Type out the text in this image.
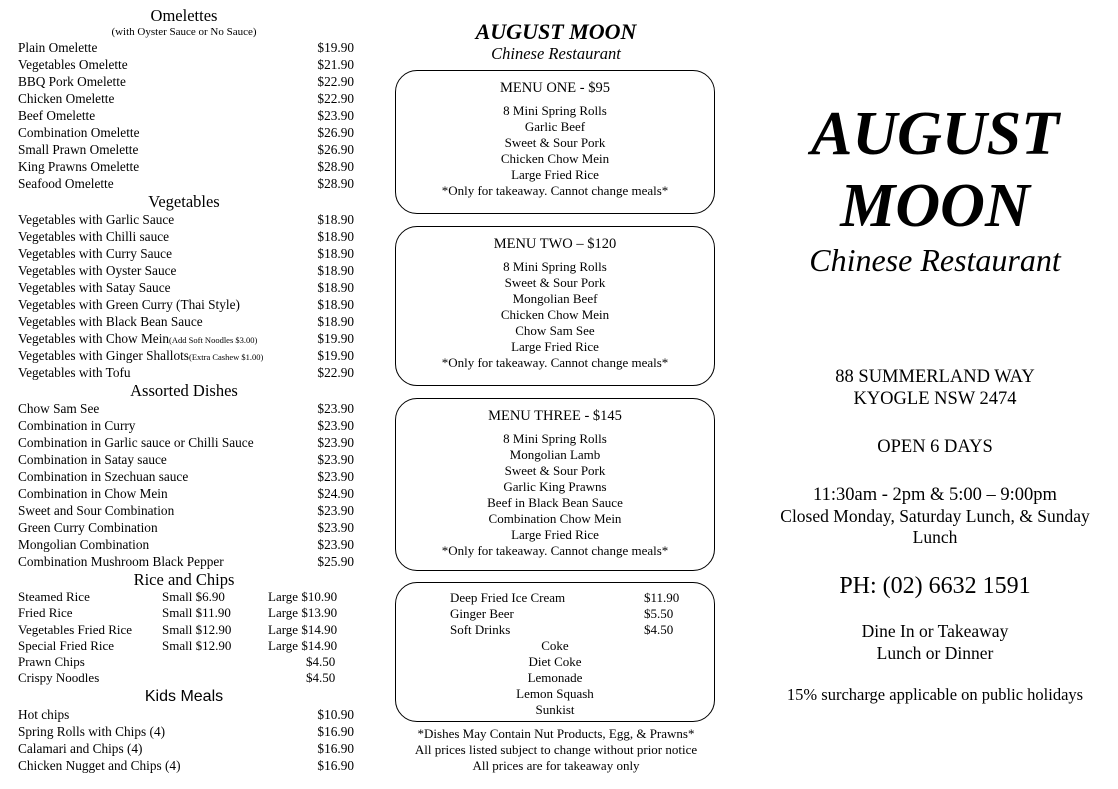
Omelettes
(with Oyster Sauce or No Sauce)
Plain Omelette	$19.90
Vegetables Omelette	$21.90
BBQ Pork Omelette	$22.90
Chicken Omelette	$22.90
Beef Omelette	$23.90
Combination Omelette	$26.90
Small Prawn Omelette	$26.90
King Prawns Omelette	$28.90
Seafood Omelette	$28.90
Vegetables
Vegetables with Garlic Sauce	$18.90
Vegetables with Chilli sauce	$18.90
Vegetables with Curry Sauce	$18.90
Vegetables with Oyster Sauce	$18.90
Vegetables with Satay Sauce	$18.90
Vegetables with Green Curry (Thai Style)	$18.90
Vegetables with Black Bean Sauce	$18.90
Vegetables with Chow Mein(Add Soft Noodles $3.00)	$19.90
Vegetables with Ginger Shallots(Extra Cashew $1.00)	$19.90
Vegetables with Tofu	$22.90
Assorted Dishes
Chow Sam See	$23.90
Combination in Curry	$23.90
Combination in Garlic sauce or Chilli Sauce	$23.90
Combination in Satay sauce	$23.90
Combination in Szechuan sauce	$23.90
Combination in Chow Mein	$24.90
Sweet and Sour Combination	$23.90
Green Curry Combination	$23.90
Mongolian Combination	$23.90
Combination Mushroom Black Pepper	$25.90
Rice and Chips
Steamed Rice	Small $6.90	Large $10.90
Fried Rice	Small $11.90	Large $13.90
Vegetables Fried Rice	Small $12.90	Large $14.90
Special Fried Rice	Small $12.90	Large $14.90
Prawn Chips	$4.50
Crispy Noodles	$4.50
Kids Meals
Hot chips	$10.90
Spring Rolls with Chips (4)	$16.90
Calamari and Chips (4)	$16.90
Chicken Nugget and Chips (4)	$16.90
AUGUST MOON
Chinese Restaurant
MENU ONE - $95
8 Mini Spring Rolls
Garlic Beef
Sweet & Sour Pork
Chicken Chow Mein
Large Fried Rice
*Only for takeaway. Cannot change meals*
MENU TWO – $120
8 Mini Spring Rolls
Sweet & Sour Pork
Mongolian Beef
Chicken Chow Mein
Chow Sam See
Large Fried Rice
*Only for takeaway. Cannot change meals*
MENU THREE - $145
8 Mini Spring Rolls
Mongolian Lamb
Sweet & Sour Pork
Garlic King Prawns
Beef in Black Bean Sauce
Combination Chow Mein
Large Fried Rice
*Only for takeaway. Cannot change meals*
Deep Fried Ice Cream	$11.90
Ginger Beer	$5.50
Soft Drinks	$4.50
Coke
Diet Coke
Lemonade
Lemon Squash
Sunkist
*Dishes May Contain Nut Products, Egg, & Prawns*
All prices listed subject to change without prior notice
All prices are for takeaway only
AUGUST
MOON
Chinese Restaurant
88 SUMMERLAND WAY
KYOGLE NSW 2474
OPEN 6 DAYS
11:30am - 2pm & 5:00 – 9:00pm
Closed Monday, Saturday Lunch, & Sunday Lunch
PH: (02) 6632 1591
Dine In or Takeaway
Lunch or Dinner
15% surcharge applicable on public holidays
